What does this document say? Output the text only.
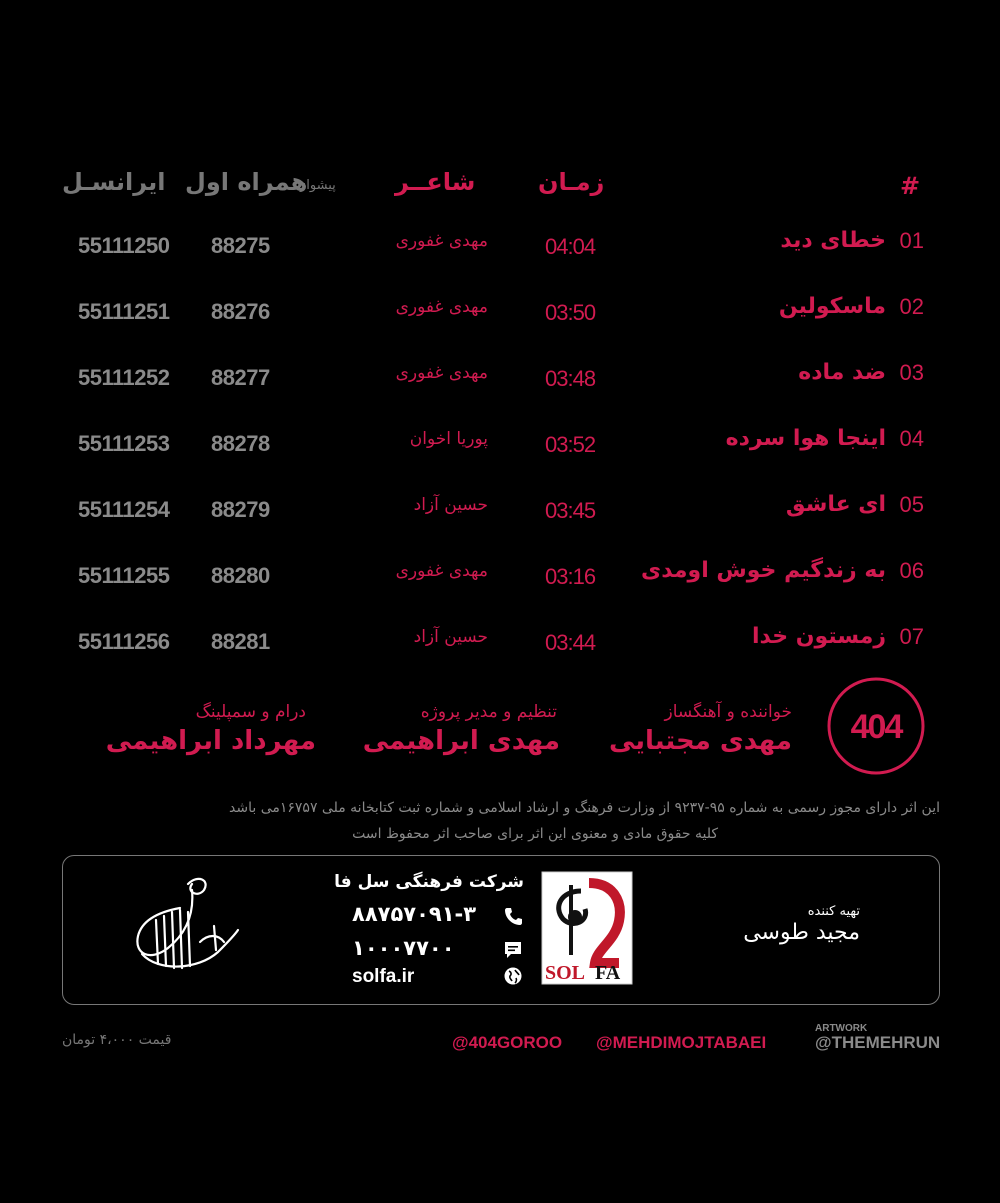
#
زمـان
شاعــر
پیشواز
همراه اول
ایرانسـل
01
خطای دید
04:04
مهدی غفوری
88275
55111250
02
ماسکولین
03:50
مهدی غفوری
88276
55111251
03
ضد ماده
03:48
مهدی غفوری
88277
55111252
04
اینجا هوا سرده
03:52
پوریا اخوان
88278
55111253
05
ای عاشق
03:45
حسین آزاد
88279
55111254
06
به زندگیم خوش اومدی
03:16
مهدی غفوری
88280
55111255
07
زمستون خدا
03:44
حسین آزاد
88281
55111256
404
خواننده و آهنگساز
مهدی مجتبایی
تنظیم و مدیر پروژه
مهدی ابراهیمی
درام و سمپلینگ
مهرداد ابراهیمی
این اثر دارای مجوز رسمی به شماره ۹۵-۹۲۳۷ از وزارت فرهنگ و ارشاد اسلامی و شماره ثبت کتابخانه ملی ۱۶۷۵۷می باشد
کلیه حقوق مادی و معنوی این اثر برای صاحب اثر محفوظ است
شرکت فرهنگی سل فا
۸۸۷۵۷۰۹۱-۳
۱۰۰۰۷۷۰۰
solfa.ir	SOL FA
تهیه کننده
مجید طوسی
قیمت ۴،۰۰۰ تومان	@404GOROO @MEHDIMOJTABAEI
ARTWORK
@THEMEHRUN
